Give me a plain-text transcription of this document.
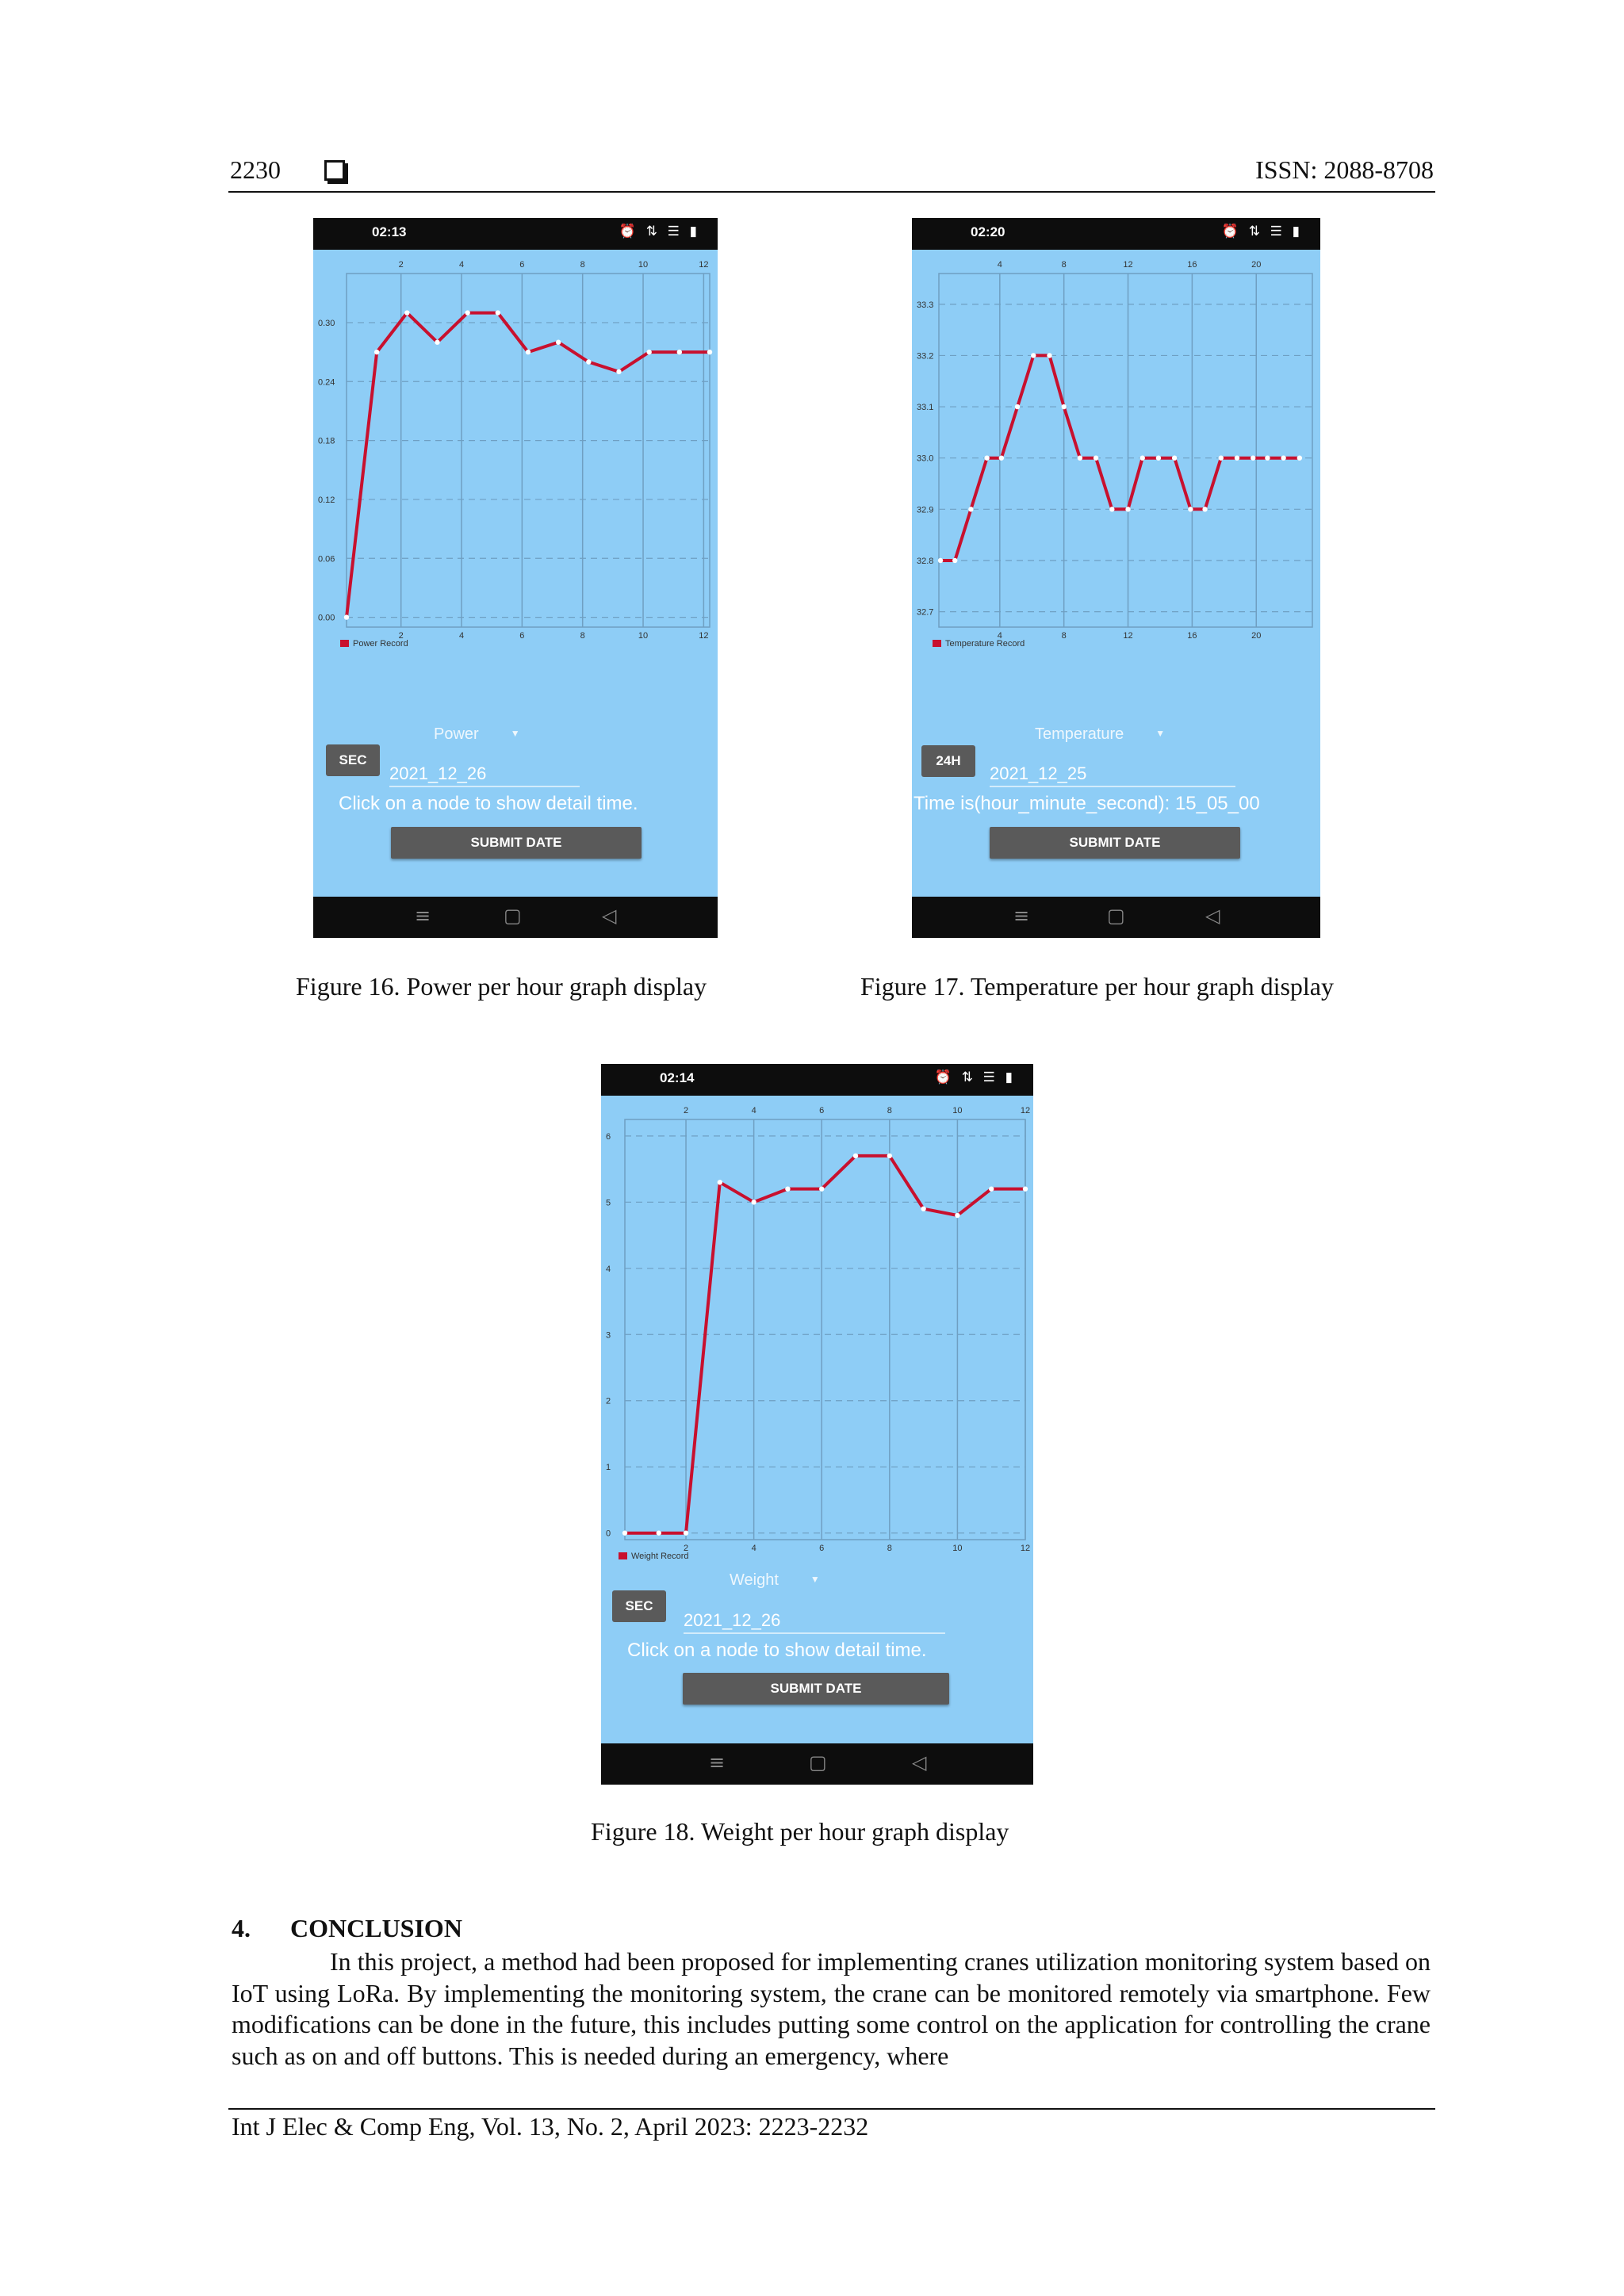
2230	ISSN: 2088-8708
02:13	⏰ ⇅ ☰ ▮
0.00
0.06
0.12
0.18
0.24
0.30
2
2
4
4
6
6
8
8
10
10
12
12
Power Record
Power	▼
SEC
2021_12_26
Click on a node to show detail time.
SUBMIT DATE
≡	▢	◁
02:20	⏰ ⇅ ☰ ▮
32.7
32.8
32.9
33.0
33.1
33.2
33.3
4
4
8
8
12
12
16
16
20
20
Temperature Record
Temperature	▼
24H
2021_12_25
Time is(hour_minute_second): 15_05_00
SUBMIT DATE
≡	▢	◁
02:14	⏰ ⇅ ☰ ▮
0
1
2
3
4
5
6
2
2
4
4
6
6
8
8
10
10
12
12
Weight Record
Weight	▼
SEC
2021_12_26
Click on a node to show detail time.
SUBMIT DATE
≡	▢	◁
Figure 16. Power per hour graph display	Figure 17. Temperature per hour graph display
Figure 18. Weight per hour graph display
4. CONCLUSION

In this project, a method had been proposed for implementing cranes utilization monitoring system based on IoT using LoRa. By implementing the monitoring system, the crane can be monitored remotely via smartphone. Few modifications can be done in the future, this includes putting some control on the application for controlling the crane such as on and off buttons. This is needed during an emergency, where

Int J Elec & Comp Eng, Vol. 13, No. 2, April 2023: 2223-2232
